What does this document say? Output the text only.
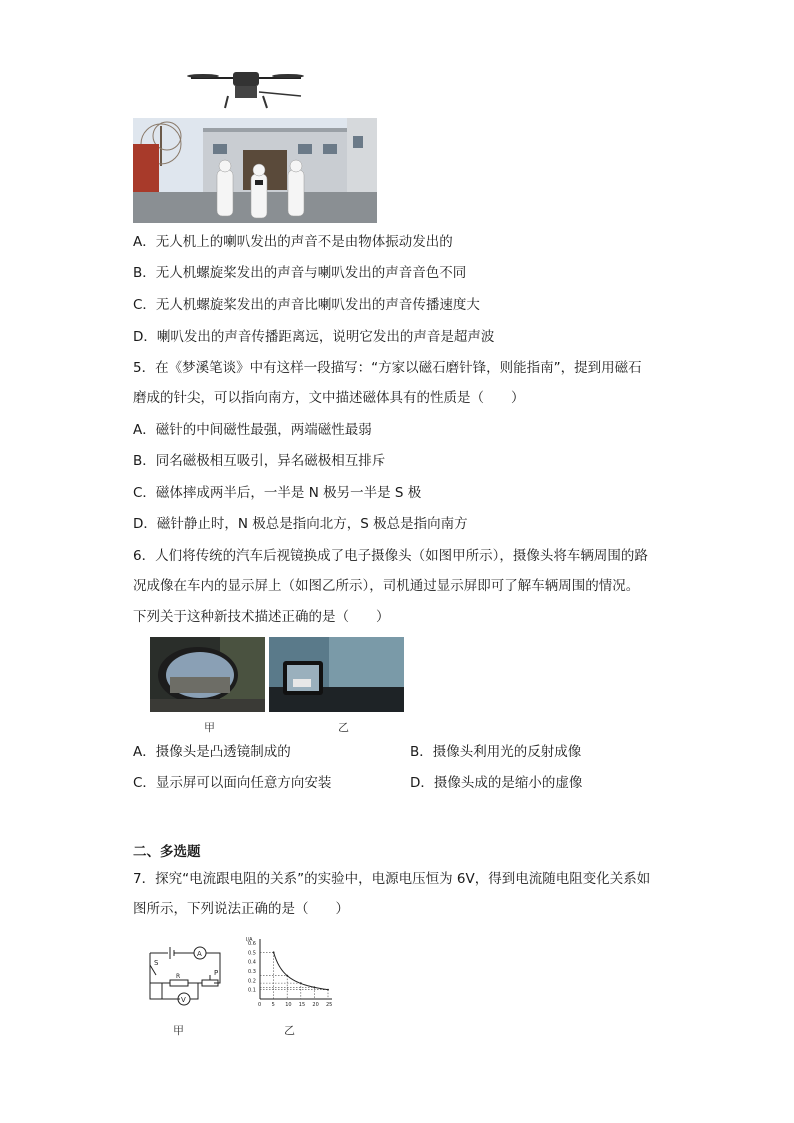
A．无人机上的喇叭发出的声音不是由物体振动发出的
B．无人机螺旋桨发出的声音与喇叭发出的声音音色不同
C．无人机螺旋桨发出的声音比喇叭发出的声音传播速度大
D．喇叭发出的声音传播距离远，说明它发出的声音是超声波
5．在《梦溪笔谈》中有这样一段描写：“方家以磁石磨针锋，则能指南”，提到用磁石
磨成的针尖，可以指向南方，文中描述磁体具有的性质是（　　）
A．磁针的中间磁性最强，两端磁性最弱
B．同名磁极相互吸引，异名磁极相互排斥
C．磁体摔成两半后，一半是 N 极另一半是 S 极
D．磁针静止时，N 极总是指向北方，S 极总是指向南方
6．人们将传统的汽车后视镜换成了电子摄像头（如图甲所示），摄像头将车辆周围的路
况成像在车内的显示屏上（如图乙所示），司机通过显示屏即可了解车辆周围的情况。
下列关于这种新技术描述正确的是（　　）
甲	乙
A．摄像头是凸透镜制成的	B．摄像头利用光的反射成像
C．显示屏可以面向任意方向安装	D．摄像头成的是缩小的虚像
二、多选题
7．探究“电流跟电阻的关系”的实验中，电源电压恒为 6V，得到电流随电阻变化关系如
图所示，下列说法正确的是（　　）
S
A
V
R	P
甲
I/A
0 5 10 15 20 25
0.1
0.2
0.3
0.4
0.5
0.6
乙
